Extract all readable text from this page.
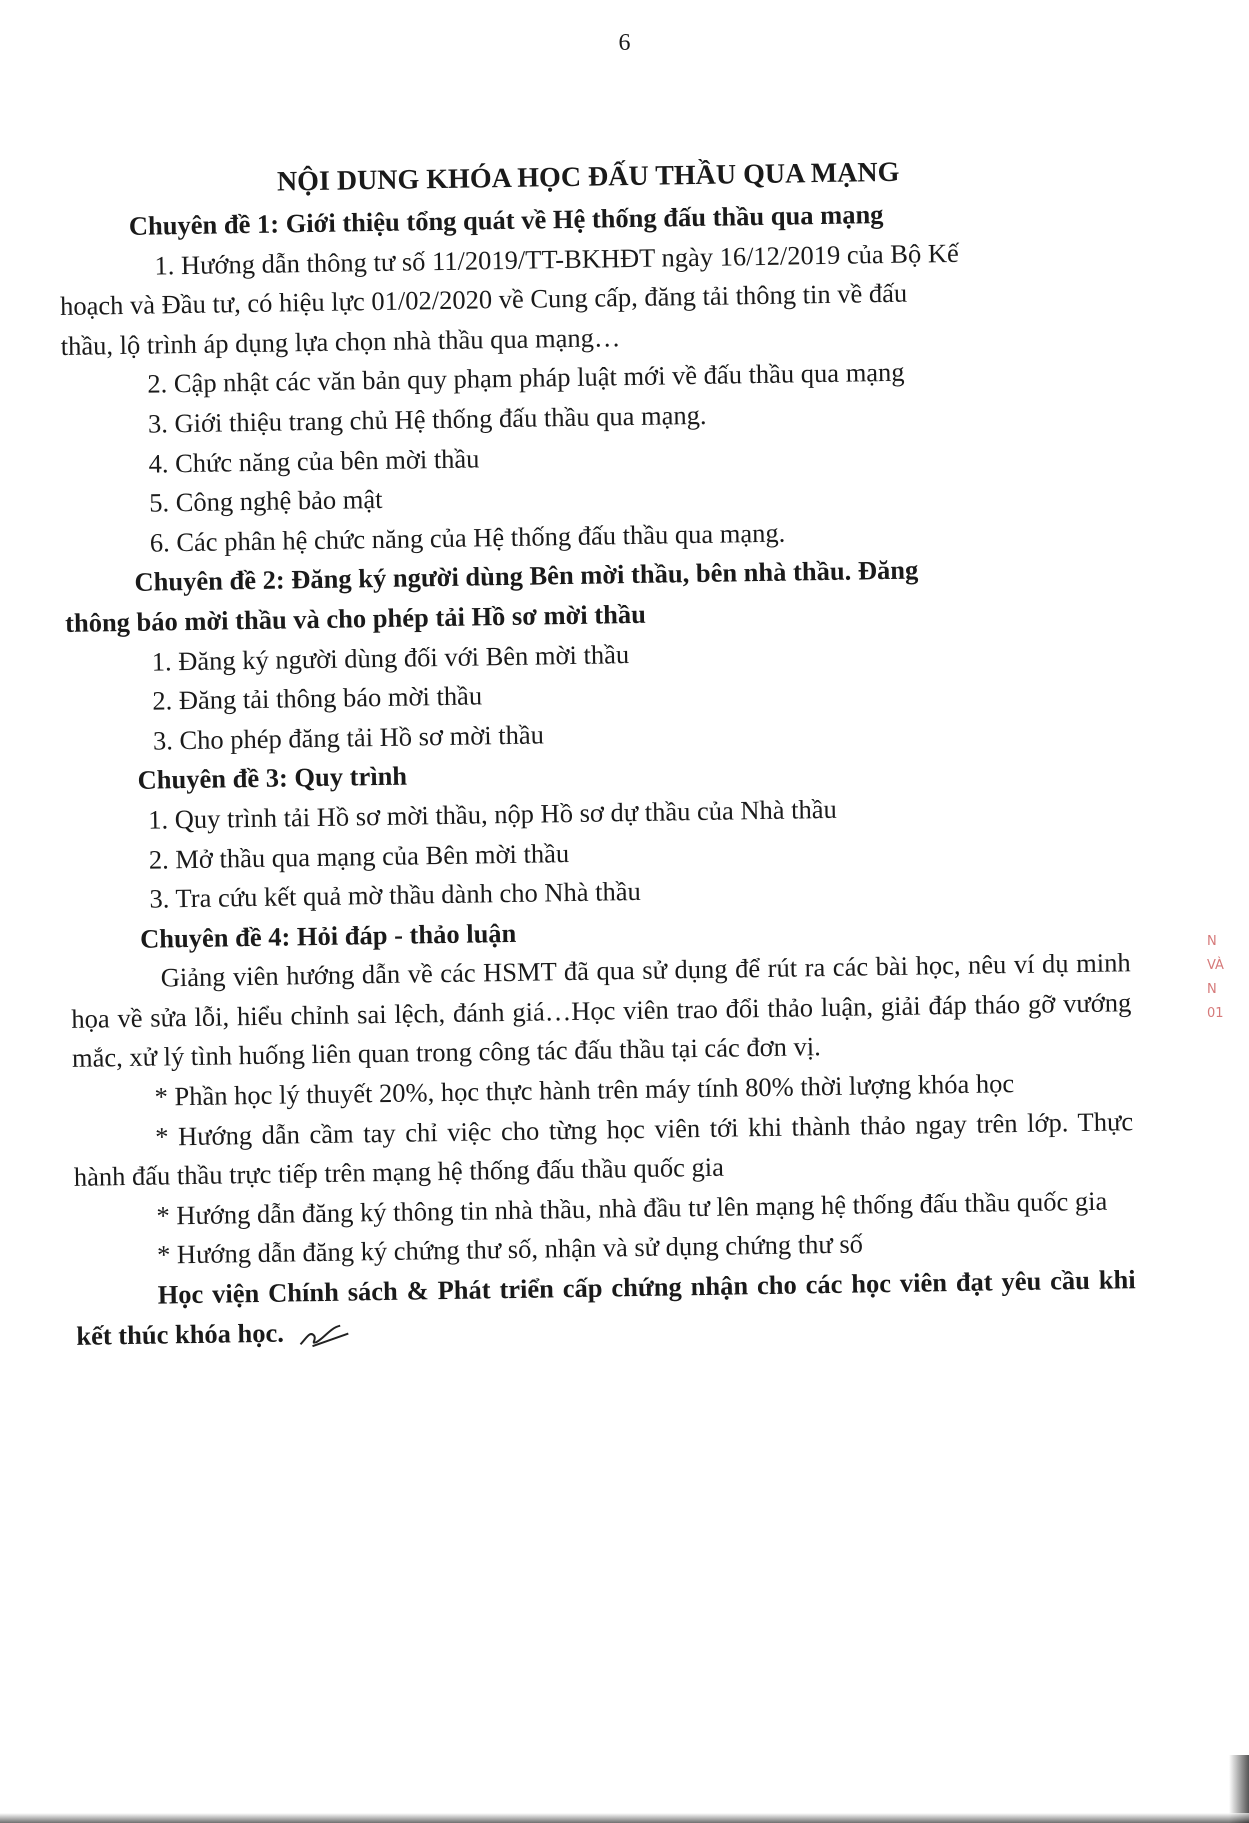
6
NỘI DUNG KHÓA HỌC ĐẤU THẦU QUA MẠNG
Chuyên đề 1: Giới thiệu tổng quát về Hệ thống đấu thầu qua mạng
1. Hướng dẫn thông tư số 11/2019/TT-BKHĐT ngày 16/12/2019 của Bộ Kế
hoạch và Đầu tư, có hiệu lực 01/02/2020 về Cung cấp, đăng tải thông tin về đấu
thầu, lộ trình áp dụng lựa chọn nhà thầu qua mạng…
2. Cập nhật các văn bản quy phạm pháp luật mới về đấu thầu qua mạng
3. Giới thiệu trang chủ Hệ thống đấu thầu qua mạng.
4. Chức năng của bên mời thầu
5. Công nghệ bảo mật
6. Các phân hệ chức năng của Hệ thống đấu thầu qua mạng.
Chuyên đề 2: Đăng ký người dùng Bên mời thầu, bên nhà thầu. Đăng
thông báo mời thầu và cho phép tải Hồ sơ mời thầu
1. Đăng ký người dùng đối với Bên mời thầu
2. Đăng tải thông báo mời thầu
3. Cho phép đăng tải Hồ sơ mời thầu
Chuyên đề 3: Quy trình
1. Quy trình tải Hồ sơ mời thầu, nộp Hồ sơ dự thầu của Nhà thầu
2. Mở thầu qua mạng của Bên mời thầu
3. Tra cứu kết quả mờ thầu dành cho Nhà thầu
Chuyên đề 4: Hỏi đáp - thảo luận
Giảng viên hướng dẫn về các HSMT đã qua sử dụng để rút ra các bài học, nêu ví dụ minh họa về sửa lỗi, hiểu chỉnh sai lệch, đánh giá…Học viên trao đổi thảo luận, giải đáp tháo gỡ vướng mắc, xử lý tình huống liên quan trong công tác đấu thầu tại các đơn vị.
* Phần học lý thuyết 20%, học thực hành trên máy tính 80% thời lượng khóa học
* Hướng dẫn cầm tay chỉ việc cho từng học viên tới khi thành thảo ngay trên lớp. Thực hành đấu thầu trực tiếp trên mạng hệ thống đấu thầu quốc gia
* Hướng dẫn đăng ký thông tin nhà thầu, nhà đầu tư lên mạng hệ thống đấu thầu quốc gia
* Hướng dẫn đăng ký chứng thư số, nhận và sử dụng chứng thư số
Học viện Chính sách & Phát triển cấp chứng nhận cho các học viên đạt yêu cầu khi kết thúc khóa học.
N
VÀ
N
01
